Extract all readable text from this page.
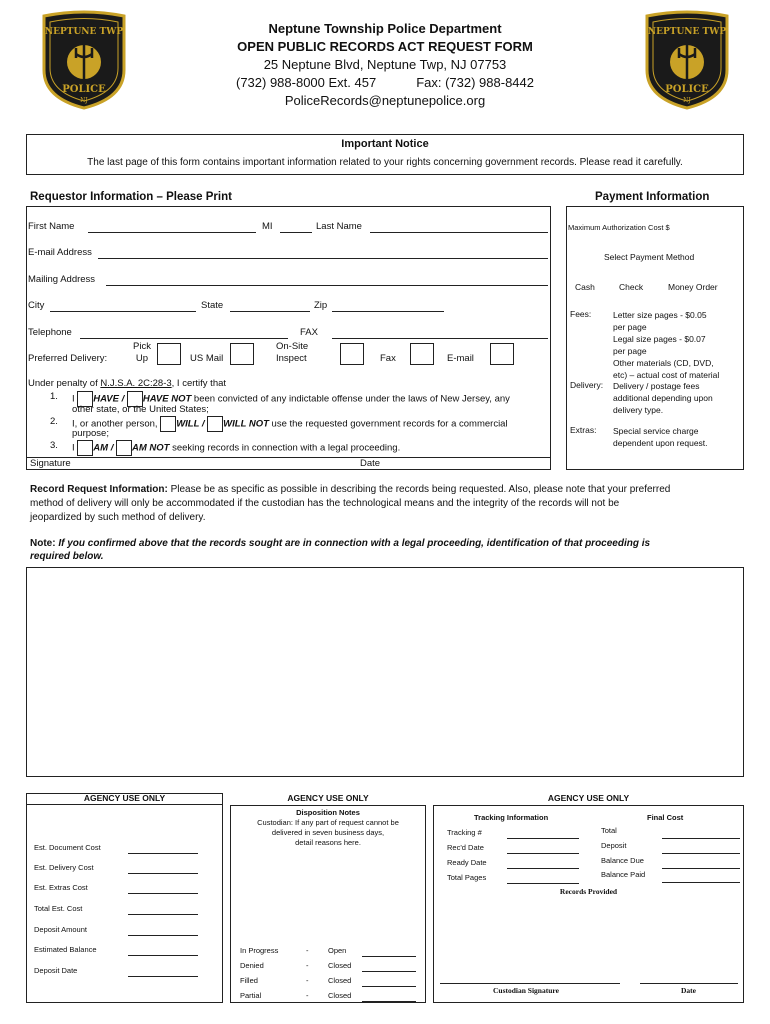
NEPTUNE TWP
POLICE
NJ
NEPTUNE TWP
POLICE
NJ
Neptune Township Police Department
OPEN PUBLIC RECORDS ACT REQUEST FORM
25 Neptune Blvd, Neptune Twp, NJ 07753
(732) 988-8000 Ext. 457	Fax: (732) 988-8442
PoliceRecords@neptunepolice.org
Important Notice
The last page of this form contains important information related to your rights concerning government records. Please read it carefully.
Requestor Information – Please Print	Payment Information
First Name	MI	Last Name
E-mail Address
Mailing Address
City	State	Zip
Telephone	FAX
Preferred Delivery:
Pick
Up	US Mail
On-Site
Inspect	Fax	E-mail
Under penalty of N.J.S.A. 2C:28-3, I certify that
1. I HAVE / HAVE NOT been convicted of any indictable offense under the laws of New Jersey, any
other state, or the United States;
2. I, or another person, WILL / WILL NOT use the requested government records for a commercial
purpose;
3. I AM / AM NOT seeking records in connection with a legal proceeding.
Signature	Date
Maximum Authorization Cost $
Select Payment Method
Cash	Check	Money Order
Fees:	Letter size pages - $0.05
per page
Legal size pages - $0.07
per page
Other materials (CD, DVD,
etc) – actual cost of material
Delivery: Delivery / postage fees
additional depending upon
delivery type.
Extras: Special service charge
dependent upon request.
Record Request Information: Please be as specific as possible in describing the records being requested. Also, please note that your preferred
method of delivery will only be accommodated if the custodian has the technological means and the integrity of the records will not be
jeopardized by such method of delivery.
Note: If you confirmed above that the records sought are in connection with a legal proceeding, identification of that proceeding is
required below.
AGENCY USE ONLY
Est. Document Cost
Est. Delivery Cost
Est. Extras Cost
Total Est. Cost
Deposit Amount
Estimated Balance
Deposit Date
AGENCY USE ONLY
Disposition Notes
Custodian: If any part of request cannot be
delivered in seven business days,
detail reasons here.
In Progress	-	Open
Denied	-	Closed
Filled	-	Closed
Partial	-	Closed
AGENCY USE ONLY
Tracking Information	Final Cost
Tracking #
Rec'd Date
Ready Date
Total Pages
Total
Deposit
Balance Due
Balance Paid
Records Provided
Custodian Signature	Date
